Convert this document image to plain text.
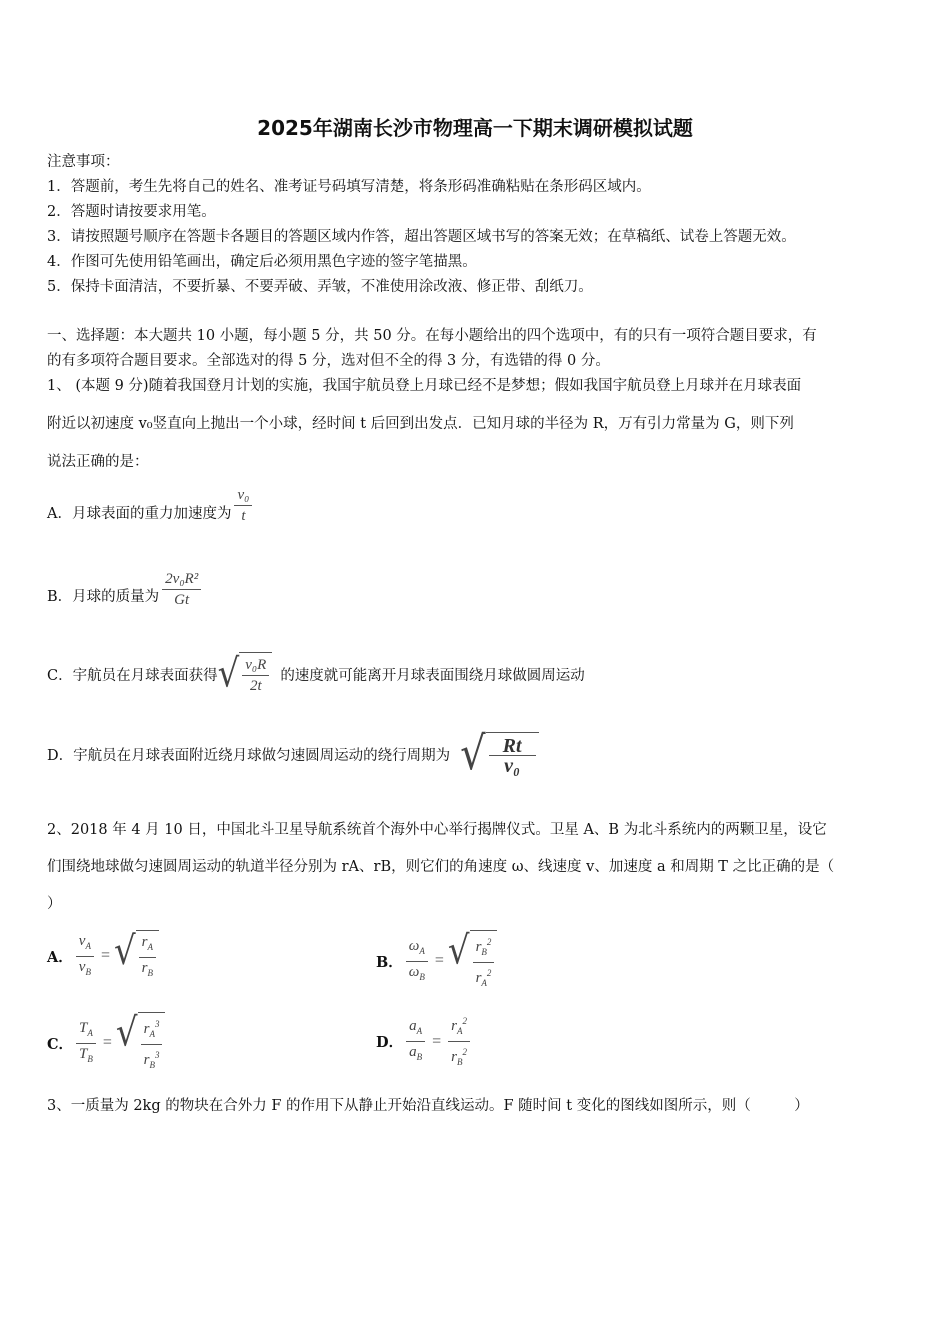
2025年湖南长沙市物理高一下期末调研模拟试题
注意事项：
1．答题前，考生先将自己的姓名、准考证号码填写清楚，将条形码准确粘贴在条形码区域内。
2．答题时请按要求用笔。
3．请按照题号顺序在答题卡各题目的答题区域内作答，超出答题区域书写的答案无效；在草稿纸、试卷上答题无效。
4．作图可先使用铅笔画出，确定后必须用黑色字迹的签字笔描黑。
5．保持卡面清洁，不要折暴、不要弄破、弄皱，不准使用涂改液、修正带、刮纸刀。
一、选择题：本大题共 10 小题，每小题 5 分，共 50 分。在每小题给出的四个选项中，有的只有一项符合题目要求，有
的有多项符合题目要求。全部选对的得 5 分，选对但不全的得 3 分，有选错的得 0 分。
1、 (本题 9 分)随着我国登月计划的实施，我国宇航员登上月球已经不是梦想；假如我国宇航员登上月球并在月球表面
附近以初速度 v₀竖直向上抛出一个小球，经时间 t 后回到出发点．已知月球的半径为 R，万有引力常量为 G，则下列
说法正确的是：
A．月球表面的重力加速度为 $\frac{\text{v₀}}{t}$
B．月球的质量为 $\frac{\text{2v₀R²}}{Gt}$
C．宇航员在月球表面获得 √ $\frac{\text{v₀R}}{2t}$ 的速度就可能离开月球表面围绕月球做圆周运动
D．宇航员在月球表面附近绕月球做匀速圆周运动的绕行周期为 √ $\frac{Rt}{\text{v₀}}$
2、2018 年 4 月 10 日，中国北斗卫星导航系统首个海外中心举行揭牌仪式。卫星 A、B 为北斗系统内的两颗卫星，设它
们围绕地球做匀速圆周运动的轨道半径分别为 rA、rB，则它们的角速度 ω、线速度 v、加速度 a 和周期 T 之比正确的是（
）
A． $\frac{v_A}{v_B}$ = √ $\frac{r_A}{r_B}$	B． $\frac{\omega_A}{\omega_B}$ = √ $\frac{r_B^2}{r_A^2}$
C． $\frac{T_A}{T_B}$ = √ $\frac{r_A^3}{r_B^3}$	D． $\frac{a_A}{a_B} = \frac{r_A^2}{r_B^2}$
3、一质量为 2kg 的物块在合外力 F 的作用下从静止开始沿直线运动。F 随时间 t 变化的图线如图所示，则（　　　）
